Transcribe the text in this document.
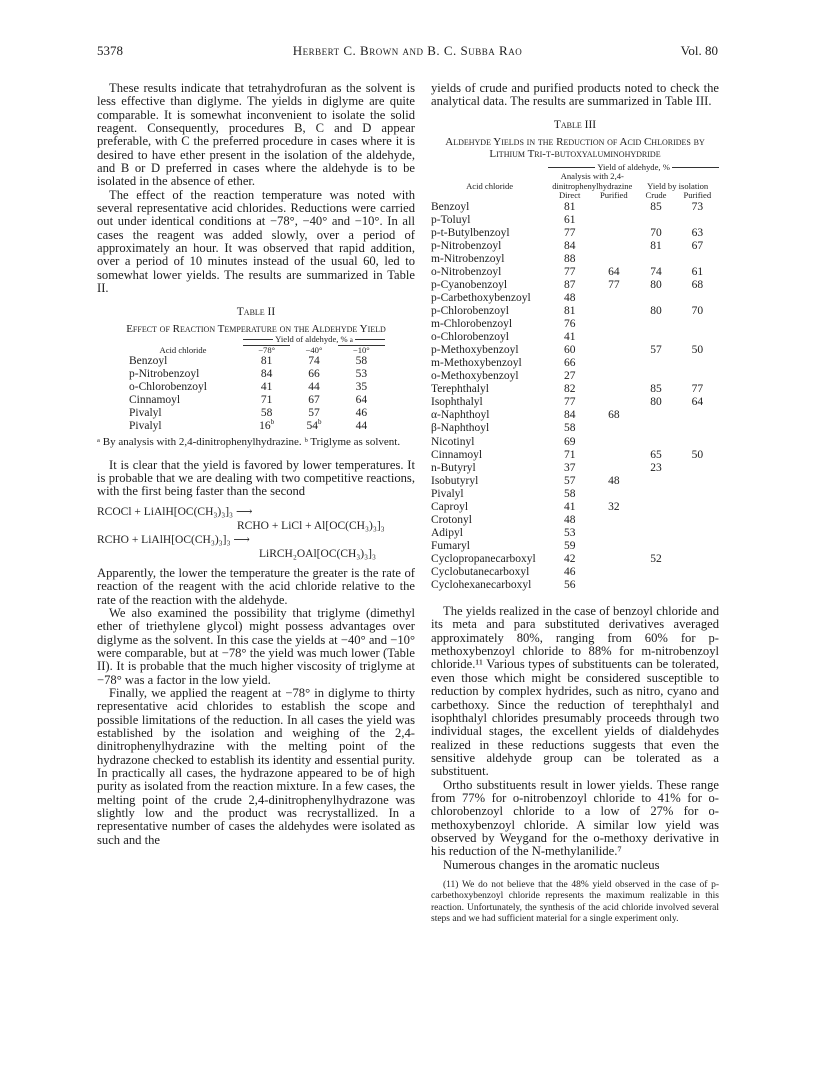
5378	Herbert C. Brown and B. C. Subba Rao	Vol. 80

These results indicate that tetrahydrofuran as the solvent is less effective than diglyme. The yields in diglyme are quite comparable. It is somewhat inconvenient to isolate the solid reagent. Consequently, procedures B, C and D appear preferable, with C the preferred procedure in cases where it is desired to have ether present in the isolation of the aldehyde, and B or D preferred in cases where the aldehyde is to be isolated in the absence of ether.

The effect of the reaction temperature was noted with several representative acid chlorides. Reductions were carried out under identical conditions at −78°, −40° and −10°. In all cases the reagent was added slowly, over a period of approximately an hour. It was observed that rapid addition, over a period of 10 minutes instead of the usual 60, led to somewhat lower yields. The results are summarized in Table II.

Table II
Effect of Reaction Temperature on the Aldehyde Yield
Acid chloride	Yield of aldehyde, % a		

	−78°	−40°	−10°
Benzoyl	81	74	58
p-Nitrobenzoyl	84	66	53
o-Chlorobenzoyl	41	44	35
Cinnamoyl	71	67	64
Pivalyl	58	57	46
Pivalyl	16$^b$	54$^b$	44
ᵃ By analysis with 2,4-dinitrophenylhydrazine. ᵇ Triglyme as solvent.

It is clear that the yield is favored by lower temperatures. It is probable that we are dealing with two competitive reactions, with the first being faster than the second

RCOCl + LiAlH[OC(CH₃)₃]₃ ⟶
RCHO + LiCl + Al[OC(CH₃)₃]₃
RCHO + LiAlH[OC(CH₃)₃]₃ ⟶
LiRCH₂OAl[OC(CH₃)₃]₃

Apparently, the lower the temperature the greater is the rate of reaction of the reagent with the acid chloride relative to the rate of the reaction with the aldehyde.

We also examined the possibility that triglyme (dimethyl ether of triethylene glycol) might possess advantages over diglyme as the solvent. In this case the yields at −40° and −10° were comparable, but at −78° the yield was much lower (Table II). It is probable that the much higher viscosity of triglyme at −78° was a factor in the low yield.

Finally, we applied the reagent at −78° in diglyme to thirty representative acid chlorides to establish the scope and possible limitations of the reduction. In all cases the yield was established by the isolation and weighing of the 2,4-dinitrophenylhydrazine with the melting point of the hydrazone checked to establish its identity and essential purity. In practically all cases, the hydrazone appeared to be of high purity as isolated from the reaction mixture. In a few cases, the melting point of the crude 2,4-dinitrophenylhydrazone was slightly low and the product was recrystallized. In a representative number of cases the aldehydes were isolated as such and the

yields of crude and purified products noted to check the analytical data. The results are summarized in Table III.

Table III
Aldehyde Yields in the Reduction of Acid Chlorides by Lithium Tri-t-butoxyaluminohydride

	Yield of aldehyde, %			

Acid chloride	Analysis with 2,4-dinitrophenylhydrazine		Yield by isolation	
	Direct	Purified	Crude	Purified
Benzoyl	81		85	73
p-Toluyl	61			
p-t-Butylbenzoyl	77		70	63
p-Nitrobenzoyl	84		81	67
m-Nitrobenzoyl	88			
o-Nitrobenzoyl	77	64	74	61
p-Cyanobenzoyl	87	77	80	68
p-Carbethoxybenzoyl	48			
p-Chlorobenzoyl	81		80	70
m-Chlorobenzoyl	76			
o-Chlorobenzoyl	41			
p-Methoxybenzoyl	60		57	50
m-Methoxybenzoyl	66			
o-Methoxybenzoyl	27			
Terephthalyl	82		85	77
Isophthalyl	77		80	64
α-Naphthoyl	84	68		
β-Naphthoyl	58			
Nicotinyl	69			
Cinnamoyl	71		65	50
n-Butyryl	37		23	
Isobutyryl	57	48		
Pivalyl	58			
Caproyl	41	32		
Crotonyl	48			
Adipyl	53			
Fumaryl	59			
Cyclopropanecarboxyl	42		52	
Cyclobutanecarboxyl	46			
Cyclohexanecarboxyl	56			

The yields realized in the case of benzoyl chloride and its meta and para substituted derivatives averaged approximately 80%, ranging from 60% for p-methoxybenzoyl chloride to 88% for m-nitrobenzoyl chloride.¹¹ Various types of substituents can be tolerated, even those which might be considered susceptible to reduction by complex hydrides, such as nitro, cyano and carbethoxy. Since the reduction of terephthalyl and isophthalyl chlorides presumably proceeds through two individual stages, the excellent yields of dialdehydes realized in these reductions suggests that even the sensitive aldehyde group can be tolerated as a substituent.

Ortho substituents result in lower yields. These range from 77% for o-nitrobenzoyl chloride to 41% for o-chlorobenzoyl chloride to a low of 27% for o-methoxybenzoyl chloride. A similar low yield was observed by Weygand for the o-methoxy derivative in his reduction of the N-methylanilide.⁷

Numerous changes in the aromatic nucleus

(11) We do not believe that the 48% yield observed in the case of p-carbethoxybenzoyl chloride represents the maximum realizable in this reaction. Unfortunately, the synthesis of the acid chloride involved several steps and we had sufficient material for a single experiment only.
